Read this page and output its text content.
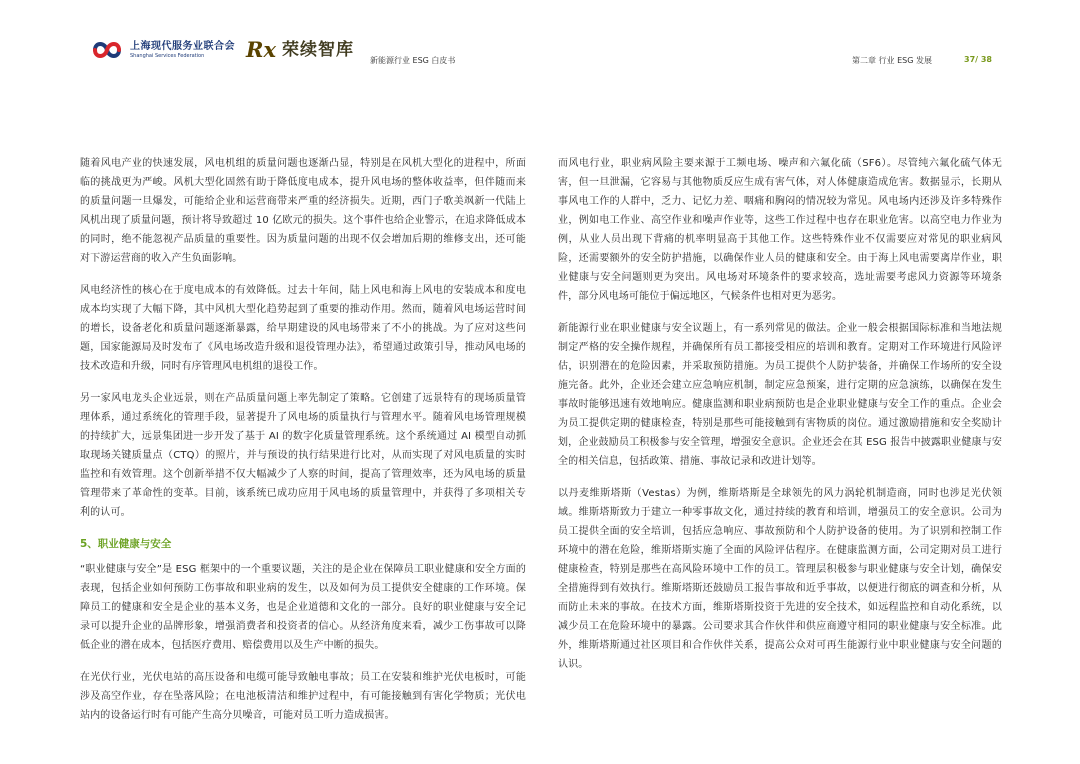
上海现代服务业联合会
Shanghai Services Federation	Rx 荣续智库
新能源行业 ESG 白皮书	第二章 行业 ESG 发展	37/ 38

随着风电产业的快速发展，风电机组的质量问题也逐渐凸显，特别是在风机大型化的进程中，所面临的挑战更为严峻。风机大型化固然有助于降低度电成本，提升风电场的整体收益率，但伴随而来的质量问题一旦爆发，可能给企业和运营商带来严重的经济损失。近期，西门子歌美飒新一代陆上风机出现了质量问题，预计将导致超过 10 亿欧元的损失。这个事件也给企业警示，在追求降低成本的同时，绝不能忽视产品质量的重要性。因为质量问题的出现不仅会增加后期的维修支出，还可能对下游运营商的收入产生负面影响。

风电经济性的核心在于度电成本的有效降低。过去十年间，陆上风电和海上风电的安装成本和度电成本均实现了大幅下降，其中风机大型化趋势起到了重要的推动作用。然而，随着风电场运营时间的增长，设备老化和质量问题逐渐暴露，给早期建设的风电场带来了不小的挑战。为了应对这些问题，国家能源局及时发布了《风电场改造升级和退役管理办法》，希望通过政策引导，推动风电场的技术改造和升级，同时有序管理风电机组的退役工作。

另一家风电龙头企业远景，则在产品质量问题上率先制定了策略。它创建了远景特有的现场质量管理体系，通过系统化的管理手段，显著提升了风电场的质量执行与管理水平。随着风电场管理规模的持续扩大，远景集团进一步开发了基于 AI 的数字化质量管理系统。这个系统通过 AI 模型自动抓取现场关键质量点（CTQ）的照片，并与预设的执行结果进行比对，从而实现了对风电质量的实时监控和有效管理。这个创新举措不仅大幅减少了人察的时间，提高了管理效率，还为风电场的质量管理带来了革命性的变革。目前，该系统已成功应用于风电场的质量管理中，并获得了多项相关专利的认可。

5、职业健康与安全

“职业健康与安全”是 ESG 框架中的一个重要议题，关注的是企业在保障员工职业健康和安全方面的表现，包括企业如何预防工伤事故和职业病的发生，以及如何为员工提供安全健康的工作环境。保障员工的健康和安全是企业的基本义务，也是企业道德和文化的一部分。良好的职业健康与安全记录可以提升企业的品牌形象，增强消费者和投资者的信心。从经济角度来看，减少工伤事故可以降低企业的潜在成本，包括医疗费用、赔偿费用以及生产中断的损失。

在光伏行业，光伏电站的高压设备和电缆可能导致触电事故；员工在安装和维护光伏电板时，可能涉及高空作业，存在坠落风险；在电池板清洁和维护过程中，有可能接触到有害化学物质；光伏电站内的设备运行时有可能产生高分贝噪音，可能对员工听力造成损害。

而风电行业，职业病风险主要来源于工频电场、噪声和六氟化硫（SF6）。尽管纯六氟化硫气体无害，但一旦泄漏，它容易与其他物质反应生成有害气体，对人体健康造成危害。数据显示，长期从事风电工作的人群中，乏力、记忆力差、咽痛和胸闷的情况较为常见。风电场内还涉及许多特殊作业，例如电工作业、高空作业和噪声作业等，这些工作过程中也存在职业危害。以高空电力作业为例，从业人员出现下背痛的机率明显高于其他工作。这些特殊作业不仅需要应对常见的职业病风险，还需要额外的安全防护措施，以确保作业人员的健康和安全。由于海上风电需要离岸作业，职业健康与安全问题则更为突出。风电场对环境条件的要求较高，选址需要考虑风力资源等环境条件，部分风电场可能位于偏远地区，气候条件也相对更为恶劣。

新能源行业在职业健康与安全议题上，有一系列常见的做法。企业一般会根据国际标准和当地法规制定严格的安全操作规程，并确保所有员工都接受相应的培训和教育。定期对工作环境进行风险评估，识别潜在的危险因素，并采取预防措施。为员工提供个人防护装备，并确保工作场所的安全设施完备。此外，企业还会建立应急响应机制，制定应急预案，进行定期的应急演练，以确保在发生事故时能够迅速有效地响应。健康监测和职业病预防也是企业职业健康与安全工作的重点。企业会为员工提供定期的健康检查，特别是那些可能接触到有害物质的岗位。通过激励措施和安全奖励计划，企业鼓励员工积极参与安全管理，增强安全意识。企业还会在其 ESG 报告中披露职业健康与安全的相关信息，包括政策、措施、事故记录和改进计划等。

以丹麦维斯塔斯（Vestas）为例，维斯塔斯是全球领先的风力涡轮机制造商，同时也涉足光伏领域。维斯塔斯致力于建立一种零事故文化，通过持续的教育和培训，增强员工的安全意识。公司为员工提供全面的安全培训，包括应急响应、事故预防和个人防护设备的使用。为了识别和控制工作环境中的潜在危险，维斯塔斯实施了全面的风险评估程序。在健康监测方面，公司定期对员工进行健康检查，特别是那些在高风险环境中工作的员工。管理层积极参与职业健康与安全计划，确保安全措施得到有效执行。维斯塔斯还鼓励员工报告事故和近乎事故，以便进行彻底的调查和分析，从而防止未来的事故。在技术方面，维斯塔斯投资于先进的安全技术，如远程监控和自动化系统，以减少员工在危险环境中的暴露。公司要求其合作伙伴和供应商遵守相同的职业健康与安全标准。此外，维斯塔斯通过社区项目和合作伙伴关系，提高公众对可再生能源行业中职业健康与安全问题的认识。
